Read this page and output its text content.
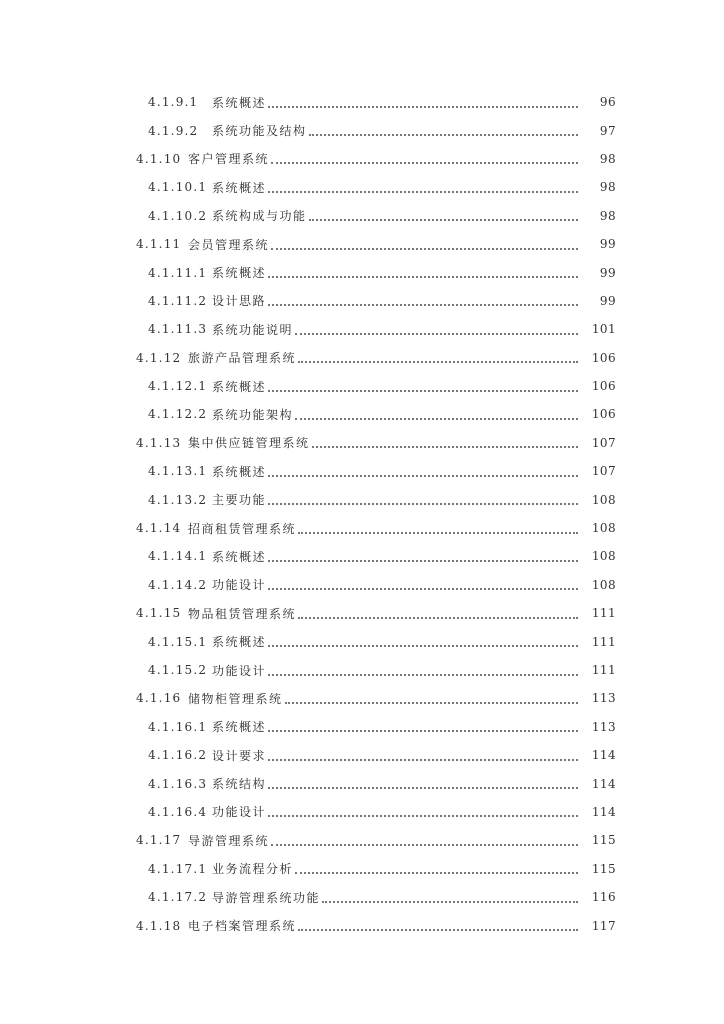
4.1.9.1	系统概述	96
4.1.9.2	系统功能及结构	97
4.1.10 客户管理系统	98
4.1.10.1 系统概述	98
4.1.10.2 系统构成与功能	98
4.1.11 会员管理系统	99
4.1.11.1 系统概述	99
4.1.11.2 设计思路	99
4.1.11.3 系统功能说明	101
4.1.12 旅游产品管理系统	106
4.1.12.1 系统概述	106
4.1.12.2 系统功能架构	106
4.1.13 集中供应链管理系统	107
4.1.13.1 系统概述	107
4.1.13.2 主要功能	108
4.1.14 招商租赁管理系统	108
4.1.14.1 系统概述	108
4.1.14.2 功能设计	108
4.1.15 物品租赁管理系统	111
4.1.15.1 系统概述	111
4.1.15.2 功能设计	111
4.1.16 储物柜管理系统	113
4.1.16.1 系统概述	113
4.1.16.2 设计要求	114
4.1.16.3 系统结构	114
4.1.16.4 功能设计	114
4.1.17 导游管理系统	115
4.1.17.1 业务流程分析	115
4.1.17.2 导游管理系统功能	116
4.1.18 电子档案管理系统	117
